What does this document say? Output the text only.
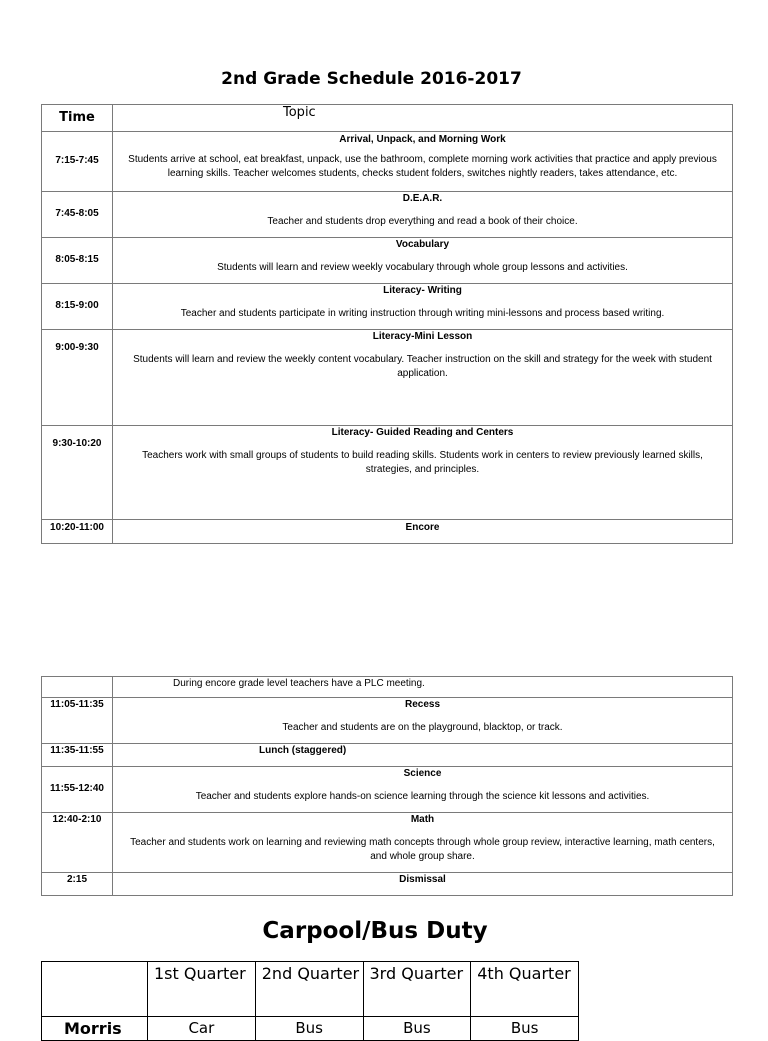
2nd Grade Schedule 2016-2017
Time	Topic
7:15-7:45	Arrival, Unpack, and Morning Work
Students arrive at school, eat breakfast, unpack, use the bathroom, complete morning work activities that practice and apply previous learning skills. Teacher welcomes students, checks student folders, switches nightly readers, takes attendance, etc.

7:45-8:05	D.E.A.R.
Teacher and students drop everything and read a book of their choice.

8:05-8:15	Vocabulary
Students will learn and review weekly vocabulary through whole group lessons and activities.

8:15-9:00	Literacy- Writing
Teacher and students participate in writing instruction through writing mini-lessons and process based writing.

9:00-9:30	Literacy-Mini Lesson
Students will learn and review the weekly content vocabulary. Teacher instruction on the skill and strategy for the week with student application.

9:30-10:20	Literacy- Guided Reading and Centers
Teachers work with small groups of students to build reading skills. Students work in centers to review previously learned skills, strategies, and principles.

10:20-11:00	Encore
	During encore grade level teachers have a PLC meeting.
11:05-11:35	Recess
Teacher and students are on the playground, blacktop, or track.

11:35-11:55	Lunch (staggered)

11:55-12:40	Science
Teacher and students explore hands-on science learning through the science kit lessons and activities.

12:40-2:10	Math
Teacher and students work on learning and reviewing math concepts through whole group review, interactive learning, math centers, and whole group share.

2:15	Dismissal
Carpool/Bus Duty
	1st Quarter	2nd Quarter	3rd Quarter	4th Quarter
Morris	Car	Bus	Bus	Bus
